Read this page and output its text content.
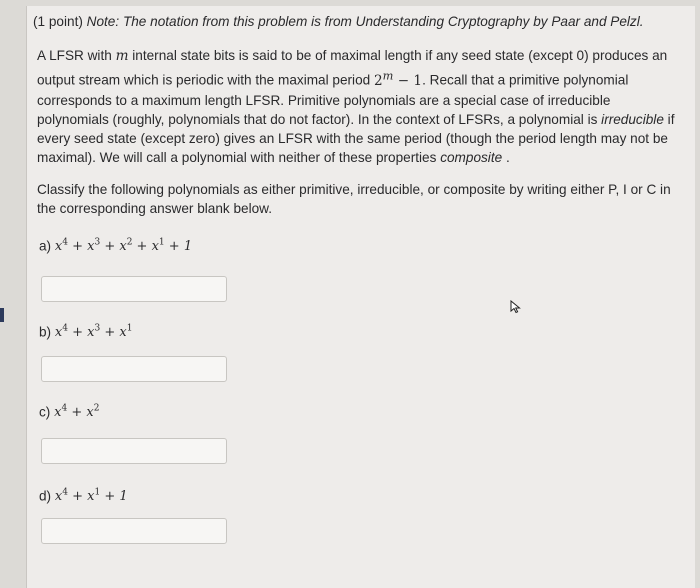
(1 point) Note: The notation from this problem is from Understanding Cryptography by Paar and Pelzl.
A LFSR with m internal state bits is said to be of maximal length if any seed state (except 0) produces an
output stream which is periodic with the maximal period $2^m - 1$. Recall that a primitive polynomial
corresponds to a maximum length LFSR. Primitive polynomials are a special case of irreducible
polynomials (roughly, polynomials that do not factor). In the context of LFSRs, a polynomial is irreducible if
every seed state (except zero) gives an LFSR with the same period (though the period length may not be
maximal). We will call a polynomial with neither of these properties composite .
Classify the following polynomials as either primitive, irreducible, or composite by writing either P, I or C in
the corresponding answer blank below.
a) $x^4 + x^3 + x^2 + x^1 + 1$
b) $x^4 + x^3 + x^1$
c) $x^4 + x^2$
d) $x^4 + x^1 + 1$
